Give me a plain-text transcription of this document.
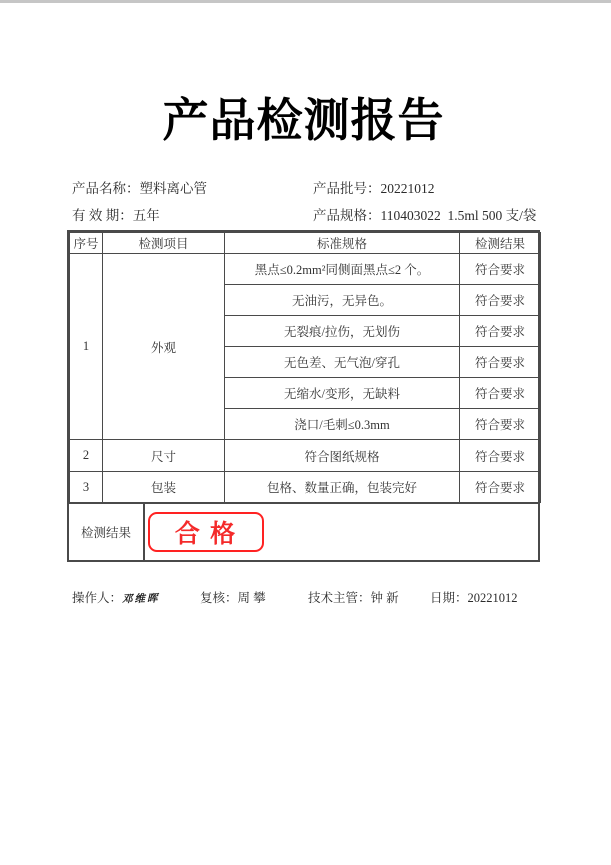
产品检测报告
产品名称：塑料离心管	产品批号：20221012
有 效 期：五年	产品规格：110403022  1.5ml 500 支/袋
序号	检测项目	标准规格	检测结果
1	外观	黑点≤0.2mm²同侧面黑点≤2 个。	符合要求
		无油污，无异色。	符合要求
		无裂痕/拉伤，无划伤	符合要求
		无色差、无气泡/穿孔	符合要求
		无缩水/变形，无缺料	符合要求
		浇口/毛刺≤0.3mm	符合要求
2	尺寸	符合图纸规格	符合要求
3	包装	包格、数量正确，包装完好	符合要求
检测结果	合 格
操作人：邓维晖	复核：周 攀	技术主管：钟 新	日期：20221012
